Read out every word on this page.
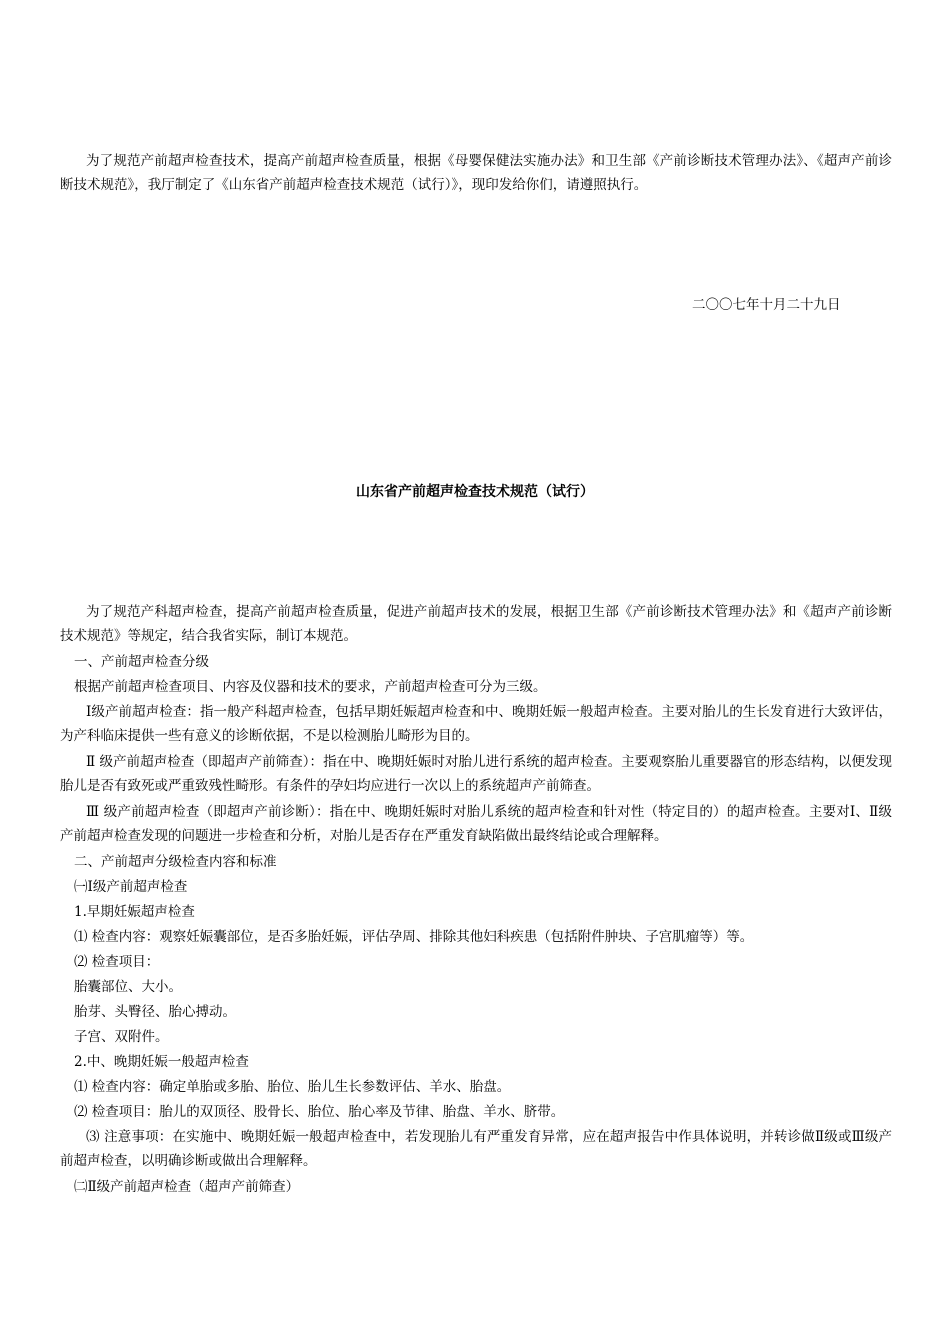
为了规范产前超声检查技术，提高产前超声检查质量，根据《母婴保健法实施办法》和卫生部《产前诊断技术管理办法》、《超声产前诊断技术规范》，我厅制定了《山东省产前超声检查技术规范（试行）》，现印发给你们，请遵照执行。

二〇〇七年十月二十九日
山东省产前超声检查技术规范（试行）

为了规范产科超声检查，提高产前超声检查质量，促进产前超声技术的发展，根据卫生部《产前诊断技术管理办法》和《超声产前诊断技术规范》等规定，结合我省实际，制订本规范。

一、产前超声检查分级

根据产前超声检查项目、内容及仪器和技术的要求，产前超声检查可分为三级。

Ⅰ级产前超声检查：指一般产科超声检查，包括早期妊娠超声检查和中、晚期妊娠一般超声检查。主要对胎儿的生长发育进行大致评估，为产科临床提供一些有意义的诊断依据，不是以检测胎儿畸形为目的。

Ⅱ 级产前超声检查（即超声产前筛查）：指在中、晚期妊娠时对胎儿进行系统的超声检查。主要观察胎儿重要器官的形态结构，以便发现胎儿是否有致死或严重致残性畸形。有条件的孕妇均应进行一次以上的系统超声产前筛查。

Ⅲ 级产前超声检查（即超声产前诊断）：指在中、晚期妊娠时对胎儿系统的超声检查和针对性（特定目的）的超声检查。主要对Ⅰ、Ⅱ级产前超声检查发现的问题进一步检查和分析，对胎儿是否存在严重发育缺陷做出最终结论或合理解释。

二、产前超声分级检查内容和标准

㈠Ⅰ级产前超声检查

1.早期妊娠超声检查

⑴ 检查内容：观察妊娠囊部位，是否多胎妊娠，评估孕周、排除其他妇科疾患（包括附件肿块、子宫肌瘤等）等。

⑵ 检查项目：

胎囊部位、大小。

胎芽、头臀径、胎心搏动。

子宫、双附件。

2.中、晚期妊娠一般超声检查

⑴ 检查内容：确定单胎或多胎、胎位、胎儿生长参数评估、羊水、胎盘。

⑵ 检查项目：胎儿的双顶径、股骨长、胎位、胎心率及节律、胎盘、羊水、脐带。

⑶ 注意事项：在实施中、晚期妊娠一般超声检查中，若发现胎儿有严重发育异常，应在超声报告中作具体说明，并转诊做Ⅱ级或Ⅲ级产前超声检查，以明确诊断或做出合理解释。

㈡Ⅱ级产前超声检查（超声产前筛查）
